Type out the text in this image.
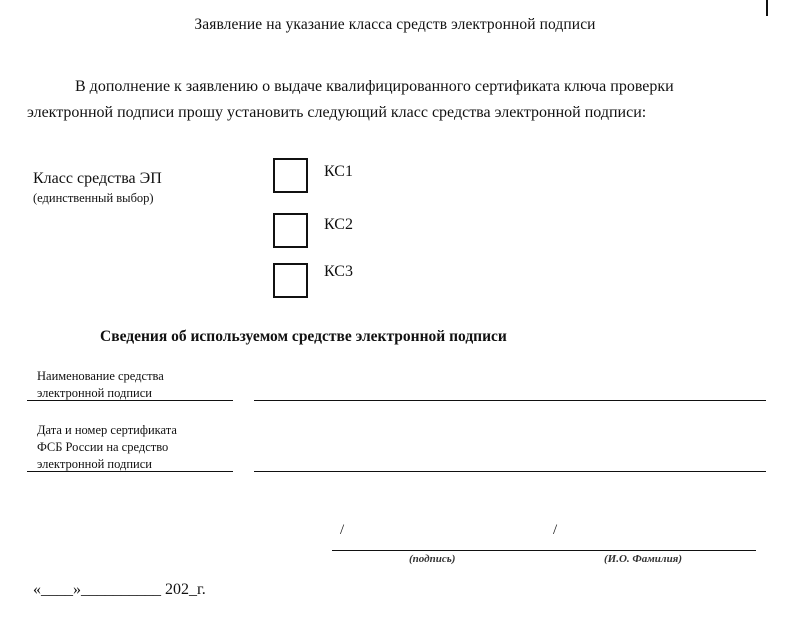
Заявление на указание класса средств электронной подписи
В дополнение к заявлению о выдаче квалифицированного сертификата ключа проверки
электронной подписи прошу установить следующий класс средства электронной подписи:
Класс средства ЭП
(единственный выбор)
КС1
КС2
КС3
Сведения об используемом средстве электронной подписи
Наименование средства
электронной подписи
Дата и номер сертификата
ФСБ России на средство
электронной подписи
/	/
(подпись)	(И.О. Фамилия)
«____»__________ 202_г.
